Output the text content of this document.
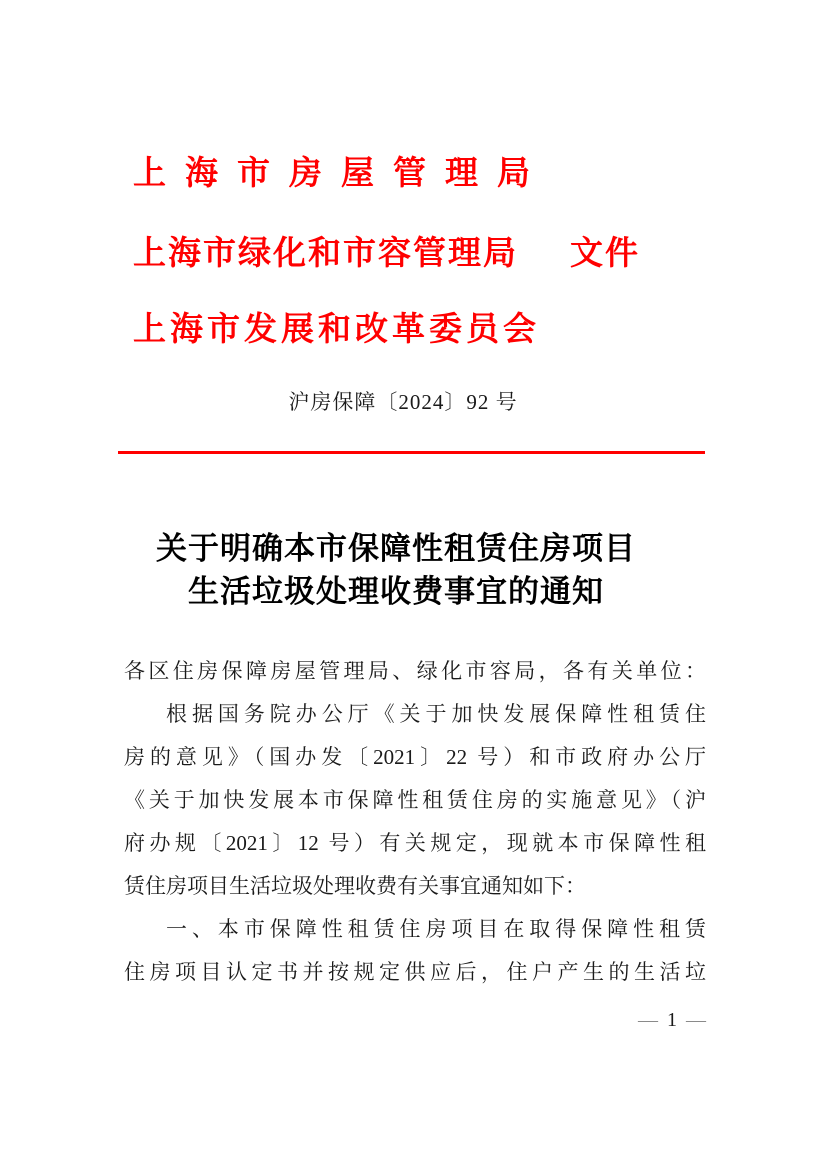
上海市房屋管理局
上海市绿化和市容管理局 文件
上海市发展和改革委员会
沪房保障〔2024〕92 号
关于明确本市保障性租赁住房项目
生活垃圾处理收费事宜的通知
各区住房保障房屋管理局、绿化市容局，各有关单位：
根据国务院办公厅《关于加快发展保障性租赁住
房的意见》（国办发〔2021〕22 号）和市政府办公厅
《关于加快发展本市保障性租赁住房的实施意见》（沪
府办规〔2021〕12 号）有关规定，现就本市保障性租
赁住房项目生活垃圾处理收费有关事宜通知如下：
一、本市保障性租赁住房项目在取得保障性租赁
住房项目认定书并按规定供应后，住户产生的生活垃
— 1 —
